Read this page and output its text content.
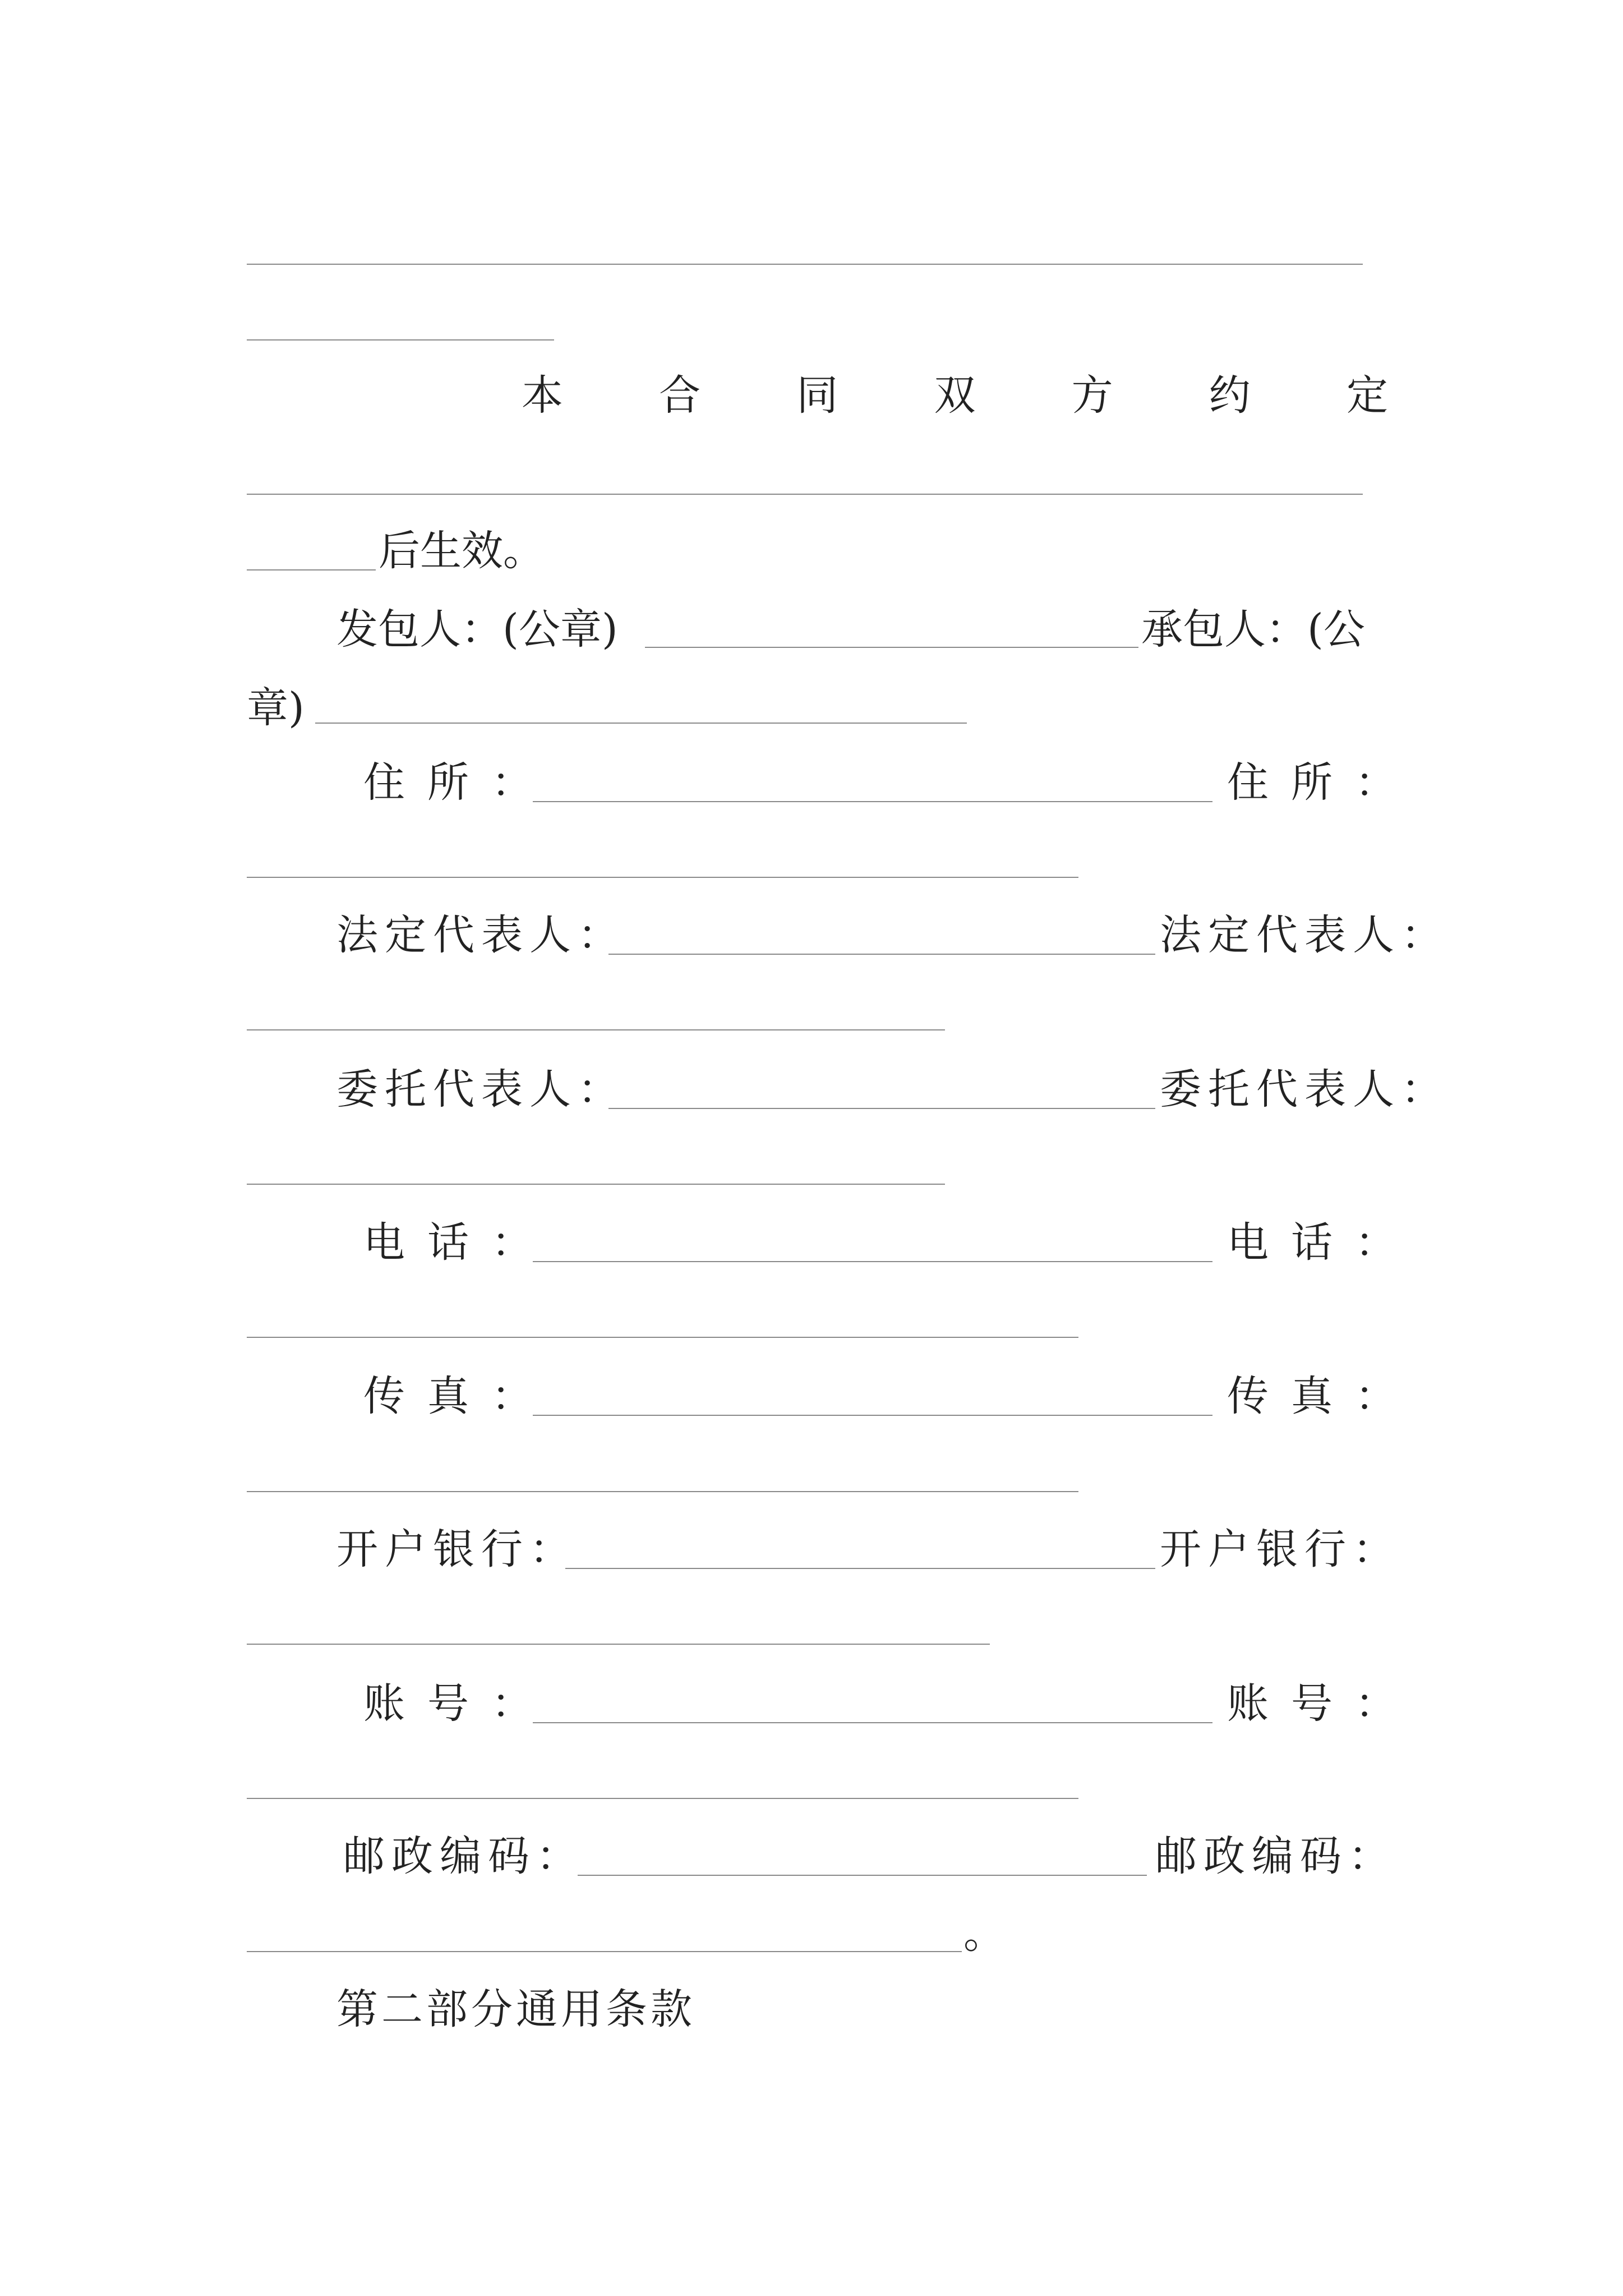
本 合 同 双 方 约 定
后生效。
发包人：(公章)	承包人：(公
章)
住所：	住所：
法定代表人：	法定代表人：
委托代表人：	委托代表人：
电话：	电话：
传真：	传真：
开户银行：	开户银行：
账号：	账号：
邮政编码：	邮政编码：
。
第二部分通用条款
